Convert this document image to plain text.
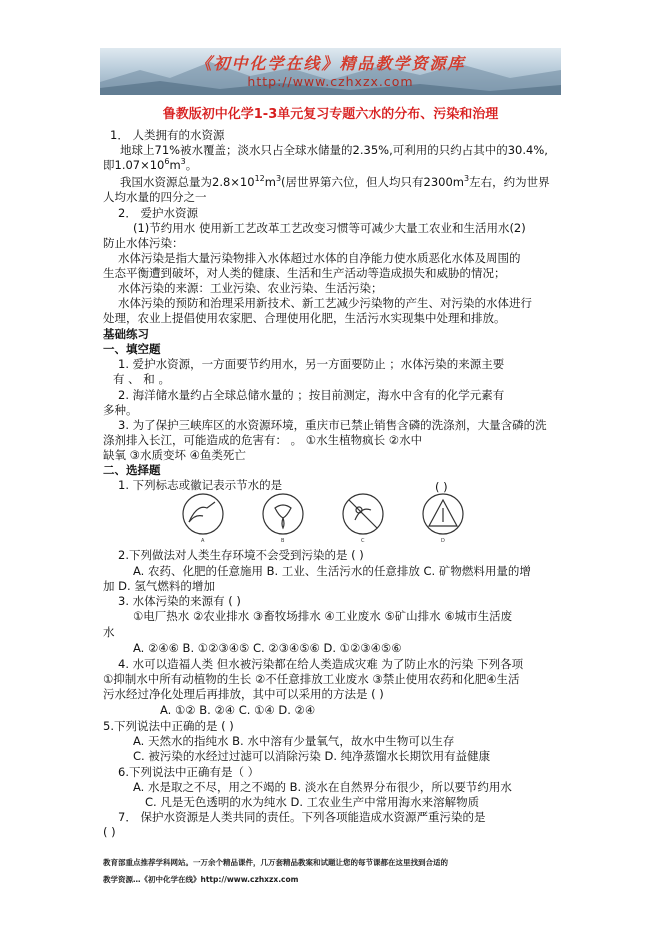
《初中化学在线》精品教学资源库
http://www.czhxzx.com
鲁教版初中化学1-3单元复习专题六水的分布、污染和治理
1． 人类拥有的水资源
地球上71%被水覆盖；淡水只占全球水储量的2.35%,可利用的只约占其中的30.4%,
即$1.07\times 10^6m^3$。
我国水资源总量为$2.8\times 10^{12}m^3$(居世界第六位，但人均只有$2300m^3$左右，约为世界
人均水量的四分之一
2． 爱护水资源
(1)节约用水 使用新工艺改革工艺改变习惯等可减少大量工农业和生活用水(2)
防止水体污染：
水体污染是指大量污染物排入水体超过水体的自净能力使水质恶化水体及周围的
生态平衡遭到破坏，对人类的健康、生活和生产活动等造成损失和威胁的情况；
水体污染的来源：工业污染、农业污染、生活污染；
水体污染的预防和治理采用新技术、新工艺减少污染物的产生、对污染的水体进行
处理，农业上提倡使用农家肥、合理使用化肥，生活污水实现集中处理和排放。
基础练习
一、填空题
1. 爱护水资源，一方面要节约用水，另一方面要防止 ；水体污染的来源主要
有 、 和 。
2. 海洋储水量约占全球总储水量的 ；按目前测定，海水中含有的化学元素有
多种。
3. 为了保护三峡库区的水资源环境，重庆市已禁止销售含磷的洗涤剂，大量含磷的洗
涤剂排入长江，可能造成的危害有： 。 ①水生植物疯长 ②水中
缺氧 ③水质变坏 ④鱼类死亡
二、选择题
1. 下列标志或徽记表示节水的是	( )
A	B	C	D
2.下列做法对人类生存环境不会受到污染的是 ( )
A. 农药、化肥的任意施用 B. 工业、生活污水的任意排放 C. 矿物燃料用量的增
加 D. 氢气燃料的增加
3. 水体污染的来源有 ( )
①电厂热水 ②农业排水 ③畜牧场排水 ④工业废水 ⑤矿山排水 ⑥城市生活废
水
A. ②④⑥ B. ①②③④⑤ C. ②③④⑤⑥ D. ①②③④⑤⑥
4. 水可以造福人类 但水被污染都在给人类造成灾难 为了防止水的污染 下列各项
①抑制水中所有动植物的生长 ②不任意排放工业废水 ③禁止使用农药和化肥④生活
污水经过净化处理后再排放，其中可以采用的方法是 ( )
A. ①② B. ②④ C. ①④ D. ②④
5.下列说法中正确的是 ( )
A. 天然水的指纯水 B. 水中溶有少量氧气，故水中生物可以生存
C. 被污染的水经过过滤可以消除污染 D. 纯净蒸馏水长期饮用有益健康
6.下列说法中正确有是（ ）
A. 水是取之不尽，用之不竭的 B. 淡水在自然界分布很少，所以要节约用水
C. 凡是无色透明的水为纯水 D. 工农业生产中常用海水来溶解物质
7． 保护水资源是人类共同的责任。下列各项能造成水资源严重污染的是
( )
教育部重点推荐学科网站。一万余个精品课件，几万套精品教案和试题让您的每节课都在这里找到合适的
教学资源…《初中化学在线》http://www.czhxzx.com
